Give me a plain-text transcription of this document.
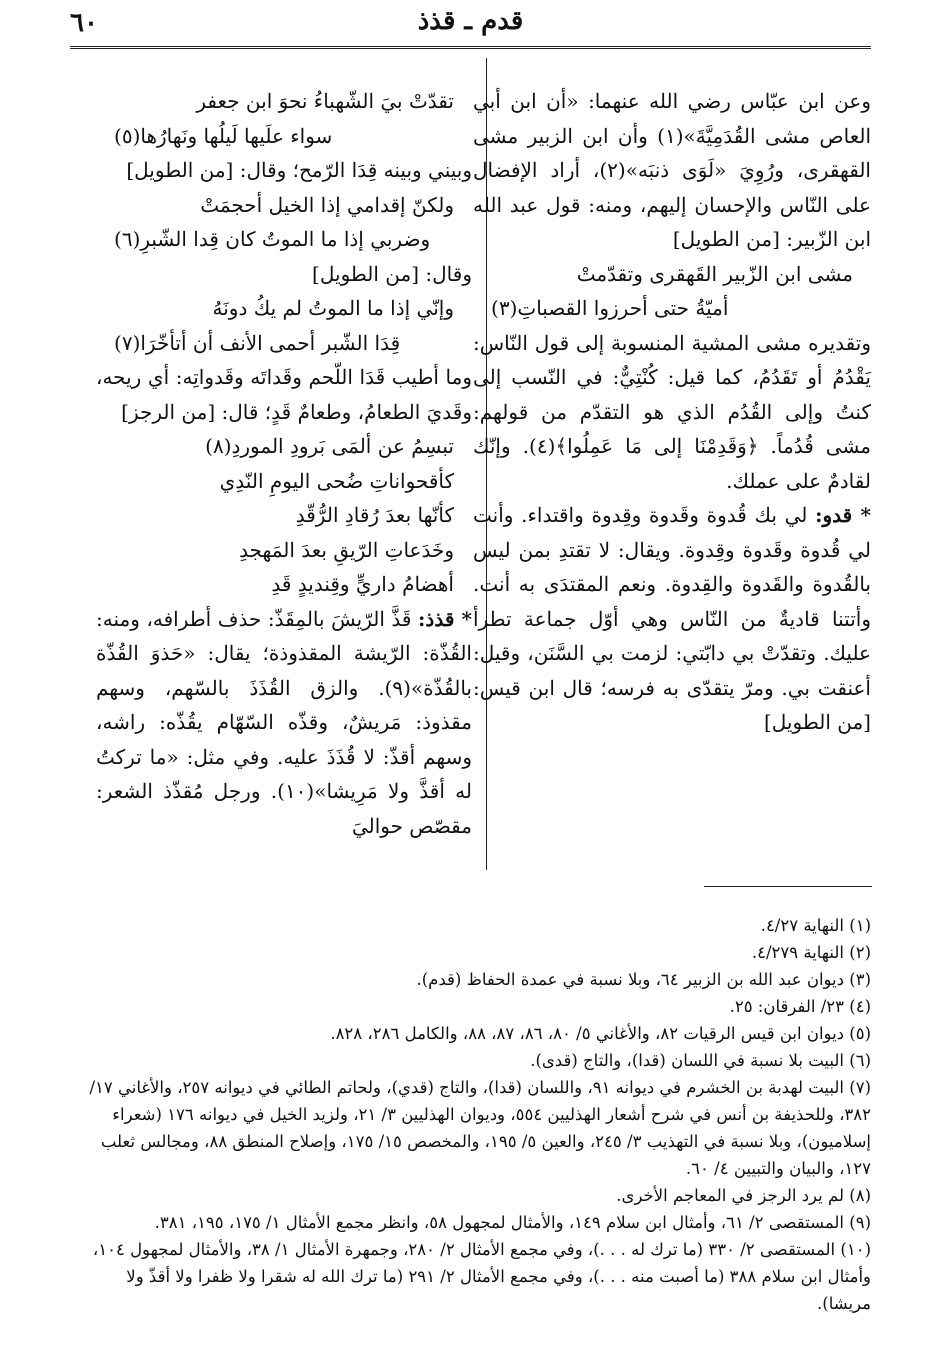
قدم ـ قذذ
٦٠

وعن ابن عبّاس رضي الله عنهما: «أن ابن أبي العاص مشى القُدَمِيَّةَ»(١) وأن ابن الزبير مشى القهقرى، ورُوِيَ «لَوَى ذنبَه»(٢)، أراد الإفضال على النّاس والإحسان إليهم، ومنه: قول عبد الله ابن الزّبير: [من الطويل]

مشى ابن الزّبير القَهقرى وتقدّمتْ
أميّةُ حتى أحرزوا القصباتِ(٣)

وتقديره مشى المشية المنسوبة إلى قول النّاس: يَقْدُمُ أو تَقَدُمُ، كما قيل: كُنْتِيٌّ: في النّسب إلى كنتُ وإلى القُدُم الذي هو التقدّم من قولهم: مشى قُدُماً. ﴿وَقَدِمْنَا إلى مَا عَمِلُوا﴾(٤). وإنّك لقادمٌ على عملك.

* قدو: لي بك قُدوة وقَدوة وقِدوة واقتداء. وأنت لي قُدوة وقَدوة وقِدوة. ويقال: لا تقتدِ بمن ليس بالقُدوة والقَدوة والقِدوة. ونعم المقتدَى به أنت. وأتتنا قاديةٌ من النّاس وهي أوّل جماعة تطرأ عليك. وتقدّتْ بي دابّتي: لزمت بي السَّنَن، وقيل: أعنقت بي. ومرّ يتقدّى به فرسه؛ قال ابن قيس: [من الطويل]

تقدّتْ بيَ الشّهباءُ نحوَ ابن جعفر
سواء علَيها لَيلُها ونَهارُها(٥)

وبيني وبينه قِدَا الرّمح؛ وقال: [من الطويل]

ولكنّ إقدامي إذا الخيل أحجمَتْ
وضربي إذا ما الموتُ كان قِدا الشّبرِ(٦)

وقال: [من الطويل]

وإنّي إذا ما الموتُ لم يكُ دونَهُ
قِدَا الشّبر أحمى الأنف أن أتأخّرَا(٧)

وما أطيب قَدَا اللّحم وقَداتَه وقَدواتِه: أي ريحه، وقَديَ الطعامُ، وطعامٌ قَدٍ؛ قال: [من الرجز]

تبسِمُ عن ألمَى بَرودِ الموردِ(٨)
كأقحواناتِ ضُحى اليومِ النّدِي
كأنّها بعدَ رُقادِ الرُّقّدِ
وخَدَعاتِ الرّيقِ بعدَ المَهجدِ
أهضامُ داريٍّ وقِنديدٍ قَدِ

* قذذ: قَذَّ الرّيشَ بالمِقَذّ: حذف أطرافه، ومنه: القُذّة: الرّيشة المقذوذة؛ يقال: «حَذوَ القُذّة بالقُذّة»(٩). والزق القُذَذَ بالسّهم، وسهم مقذوذ: مَريشٌ، وقذّه السّهّام يقُذّه: راشه، وسهم أقذّ: لا قُذَذَ عليه. وفي مثل: «ما تركتُ له أقذَّ ولا مَرِيشا»(١٠). ورجل مُقذّذ الشعر: مقصّص حواليَ

(١) النهاية ٤/٢٧.

(٢) النهاية ٤/٢٧٩.

(٣) ديوان عبد الله بن الزبير ٦٤، وبلا نسبة في عمدة الحفاظ (قدم).

(٤) ٢٣/ الفرقان: ٢٥.

(٥) ديوان ابن قيس الرقيات ٨٢، والأغاني ٥/ ٨٠، ٨٦، ٨٧، ٨٨، والكامل ٢٨٦، ٨٢٨.

(٦) البيت بلا نسبة في اللسان (قدا)، والتاج (قدى).

(٧) البيت لهدبة بن الخشرم في ديوانه ٩١، واللسان (قدا)، والتاج (قدي)، ولحاتم الطائي في ديوانه ٢٥٧، والأغاني ١٧/ ٣٨٢، وللحذيفة بن أنس في شرح أشعار الهذليين ٥٥٤، وديوان الهذليين ٣/ ٢١، ولزيد الخيل في ديوانه ١٧٦ (شعراء إسلاميون)، وبلا نسبة في التهذيب ٣/ ٢٤٥، والعين ٥/ ١٩٥، والمخصص ١٥/ ١٧٥، وإصلاح المنطق ٨٨، ومجالس ثعلب ١٢٧، والبيان والتبيين ٤/ ٦٠.

(٨) لم يرد الرجز في المعاجم الأخرى.

(٩) المستقصى ٢/ ٦١، وأمثال ابن سلام ١٤٩، والأمثال لمجهول ٥٨، وانظر مجمع الأمثال ١/ ١٧٥، ١٩٥، ٣٨١.

(١٠) المستقصى ٢/ ٣٣٠ (ما ترك له . . .)، وفي مجمع الأمثال ٢/ ٢٨٠، وجمهرة الأمثال ١/ ٣٨، والأمثال لمجهول ١٠٤، وأمثال ابن سلام ٣٨٨ (ما أصبت منه . . .)، وفي مجمع الأمثال ٢/ ٢٩١ (ما ترك الله له شقرا ولا ظفرا ولا أقذّ ولا مريشا).
